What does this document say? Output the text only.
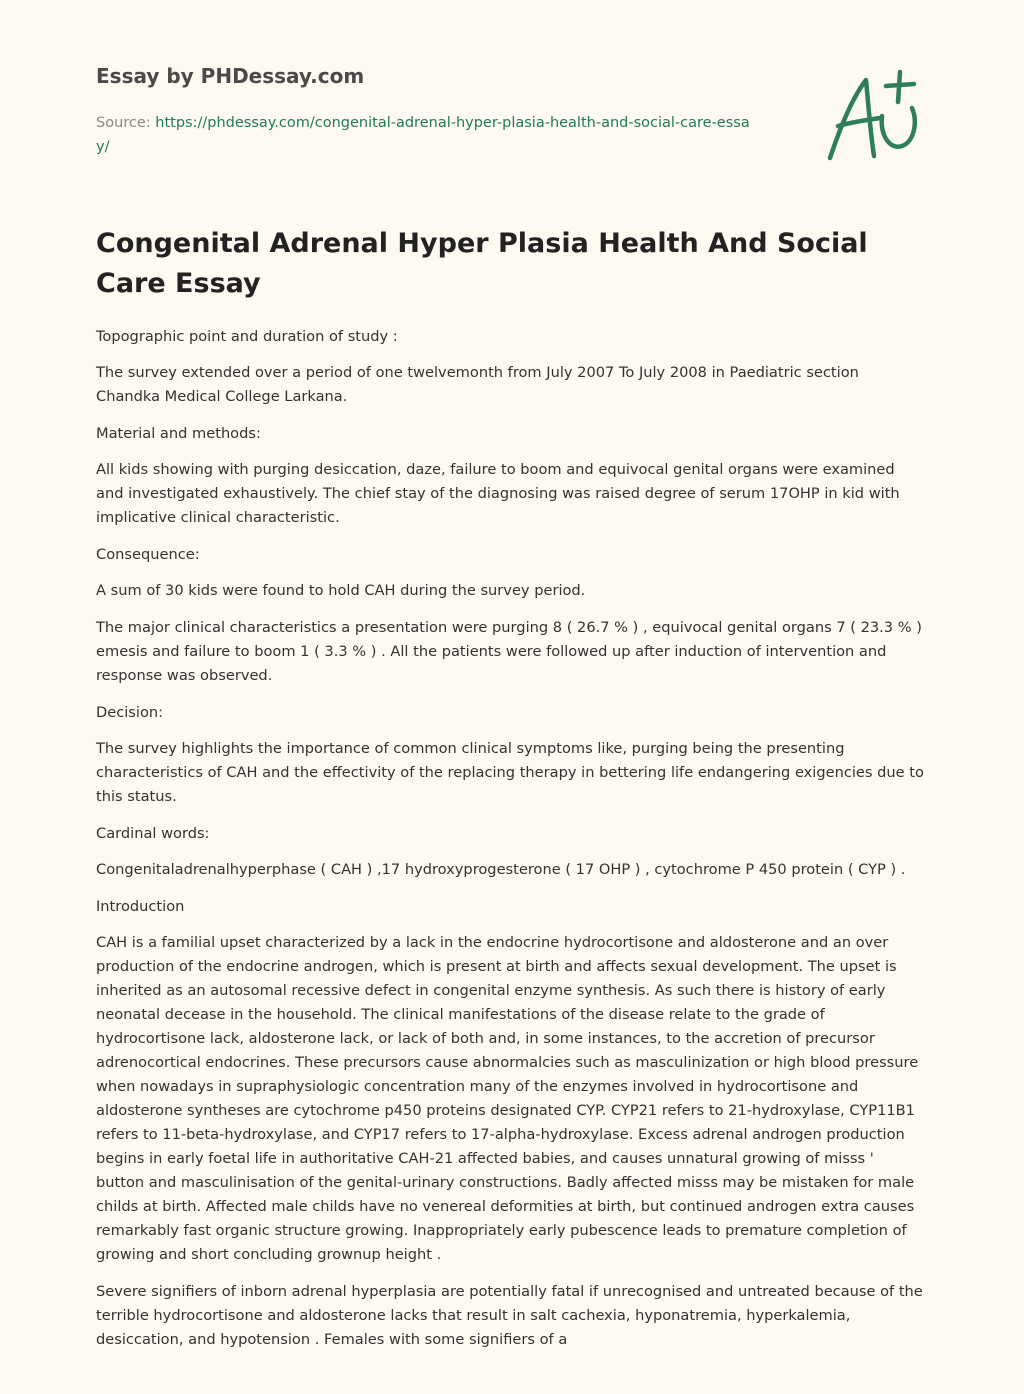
Essay by PHDessay.com
Source: https://phdessay.com/congenital-adrenal-hyper-plasia-health-and-social-care-essay/
Congenital Adrenal Hyper Plasia Health And Social Care Essay

Topographic point and duration of study :

The survey extended over a period of one twelvemonth from July 2007 To July 2008 in Paediatric section Chandka Medical College Larkana.

Material and methods:

All kids showing with purging desiccation, daze, failure to boom and equivocal genital organs were examined and investigated exhaustively. The chief stay of the diagnosing was raised degree of serum 17OHP in kid with implicative clinical characteristic.

Consequence:

A sum of 30 kids were found to hold CAH during the survey period.

The major clinical characteristics a presentation were purging 8 ( 26.7 % ) , equivocal genital organs 7 ( 23.3 % ) emesis and failure to boom 1 ( 3.3 % ) . All the patients were followed up after induction of intervention and response was observed.

Decision:

The survey highlights the importance of common clinical symptoms like, purging being the presenting characteristics of CAH and the effectivity of the replacing therapy in bettering life endangering exigencies due to this status.

Cardinal words:

Congenitaladrenalhyperphase ( CAH ) ,17 hydroxyprogesterone ( 17 OHP ) , cytochrome P 450 protein ( CYP ) .

Introduction

CAH is a familial upset characterized by a lack in the endocrine hydrocortisone and aldosterone and an over production of the endocrine androgen, which is present at birth and affects sexual development. The upset is inherited as an autosomal recessive defect in congenital enzyme synthesis. As such there is history of early neonatal decease in the household. The clinical manifestations of the disease relate to the grade of hydrocortisone lack, aldosterone lack, or lack of both and, in some instances, to the accretion of precursor adrenocortical endocrines. These precursors cause abnormalcies such as masculinization or high blood pressure when nowadays in supraphysiologic concentration many of the enzymes involved in hydrocortisone and aldosterone syntheses are cytochrome p450 proteins designated CYP. CYP21 refers to 21-hydroxylase, CYP11B1 refers to 11-beta-hydroxylase, and CYP17 refers to 17-alpha-hydroxylase. Excess adrenal androgen production begins in early foetal life in authoritative CAH-21 affected babies, and causes unnatural growing of misss ' button and masculinisation of the genital-urinary constructions. Badly affected misss may be mistaken for male childs at birth. Affected male childs have no venereal deformities at birth, but continued androgen extra causes remarkably fast organic structure growing. Inappropriately early pubescence leads to premature completion of growing and short concluding grownup height .

Severe signifiers of inborn adrenal hyperplasia are potentially fatal if unrecognised and untreated because of the terrible hydrocortisone and aldosterone lacks that result in salt cachexia, hyponatremia, hyperkalemia, desiccation, and hypotension . Females with some signifiers of a
